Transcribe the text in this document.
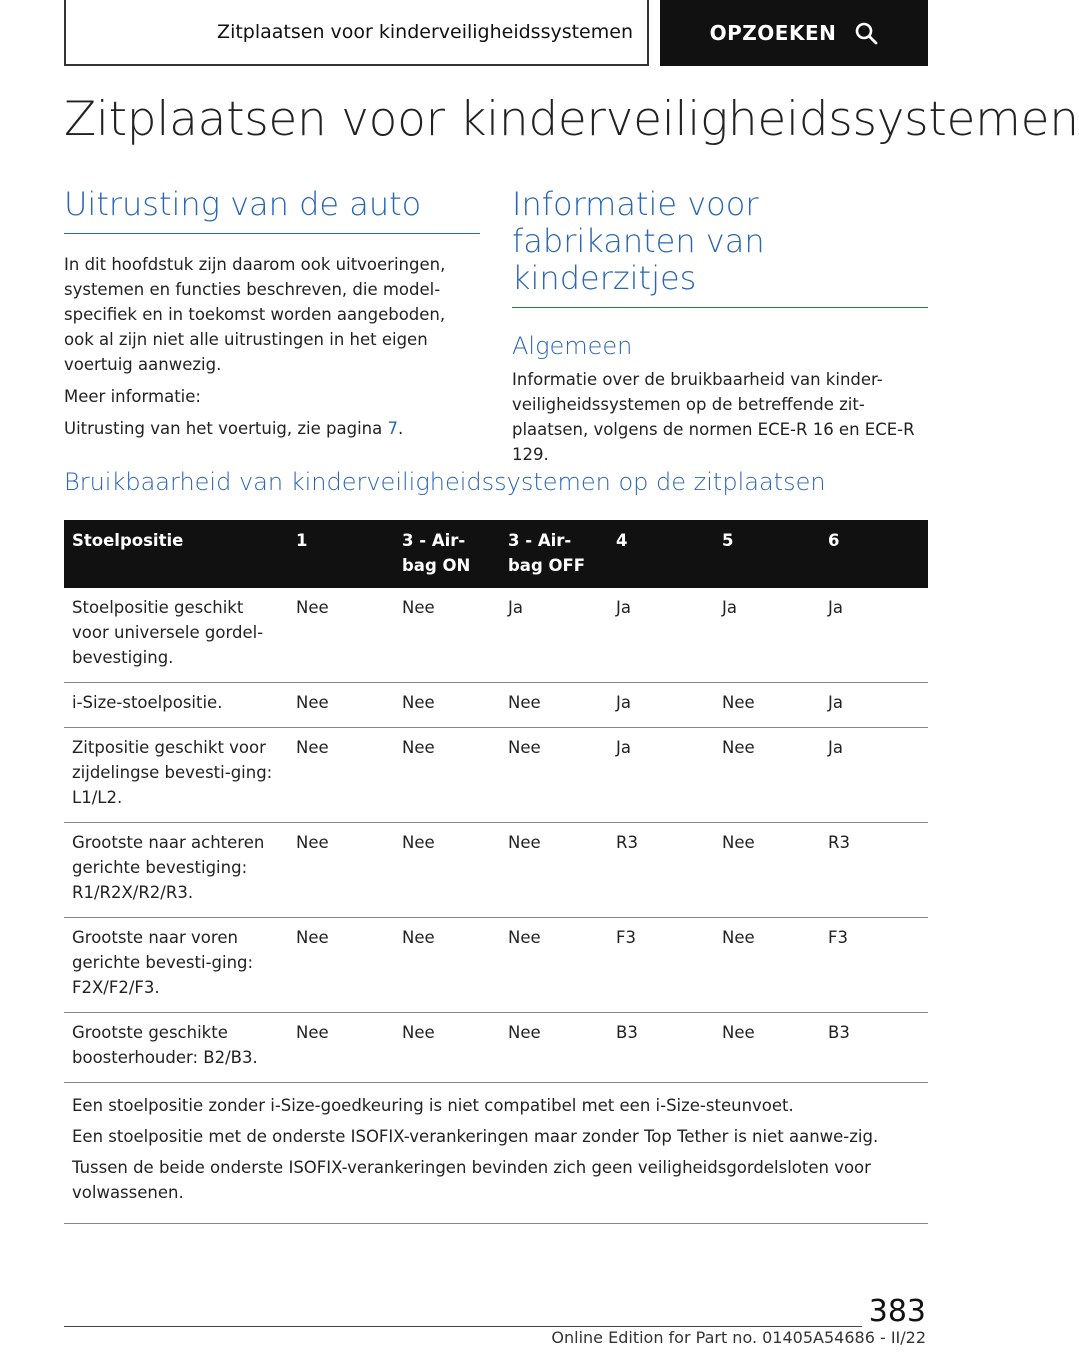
Zitplaatsen voor kinderveiligheidssystemen	OPZOEKEN
Zitplaatsen voor kinderveiligheidssystemen
Uitrusting van de auto

In dit hoofdstuk zijn daarom ook uitvoeringen, systemen en functies beschreven, die model-specifiek en in toekomst worden aangeboden, ook al zijn niet alle uitrustingen in het eigen voertuig aanwezig.

Meer informatie:

Uitrusting van het voertuig, zie pagina 7.

Informatie voor fabrikanten van kinderzitjes
Algemeen

Informatie over de bruikbaarheid van kinder-veiligheidssystemen op de betreffende zit-plaatsen, volgens de normen ECE-R 16 en ECE-R 129.

Bruikbaarheid van kinderveiligheidssystemen op de zitplaatsen
Stoelpositie	1	3 - Air-bag ON	3 - Air-bag OFF	4	5	6
Stoelpositie geschikt voor universele gordel-bevestiging.	Nee	Nee	Ja	Ja	Ja	Ja
i-Size-stoelpositie.	Nee	Nee	Nee	Ja	Nee	Ja
Zitpositie geschikt voor zijdelingse bevesti-ging: L1/L2.	Nee	Nee	Nee	Ja	Nee	Ja
Grootste naar achteren gerichte bevestiging: R1/R2X/R2/R3.	Nee	Nee	Nee	R3	Nee	R3
Grootste naar voren gerichte bevesti-ging: F2X/F2/F3.	Nee	Nee	Nee	F3	Nee	F3
Grootste geschikte boosterhouder: B2/B3.	Nee	Nee	Nee	B3	Nee	B3

Een stoelpositie zonder i-Size-goedkeuring is niet compatibel met een i-Size-steunvoet.

Een stoelpositie met de onderste ISOFIX-verankeringen maar zonder Top Tether is niet aanwe-zig.

Tussen de beide onderste ISOFIX-verankeringen bevinden zich geen veiligheidsgordelsloten voor volwassenen.						

383
Online Edition for Part no. 01405A54686 - II/22
